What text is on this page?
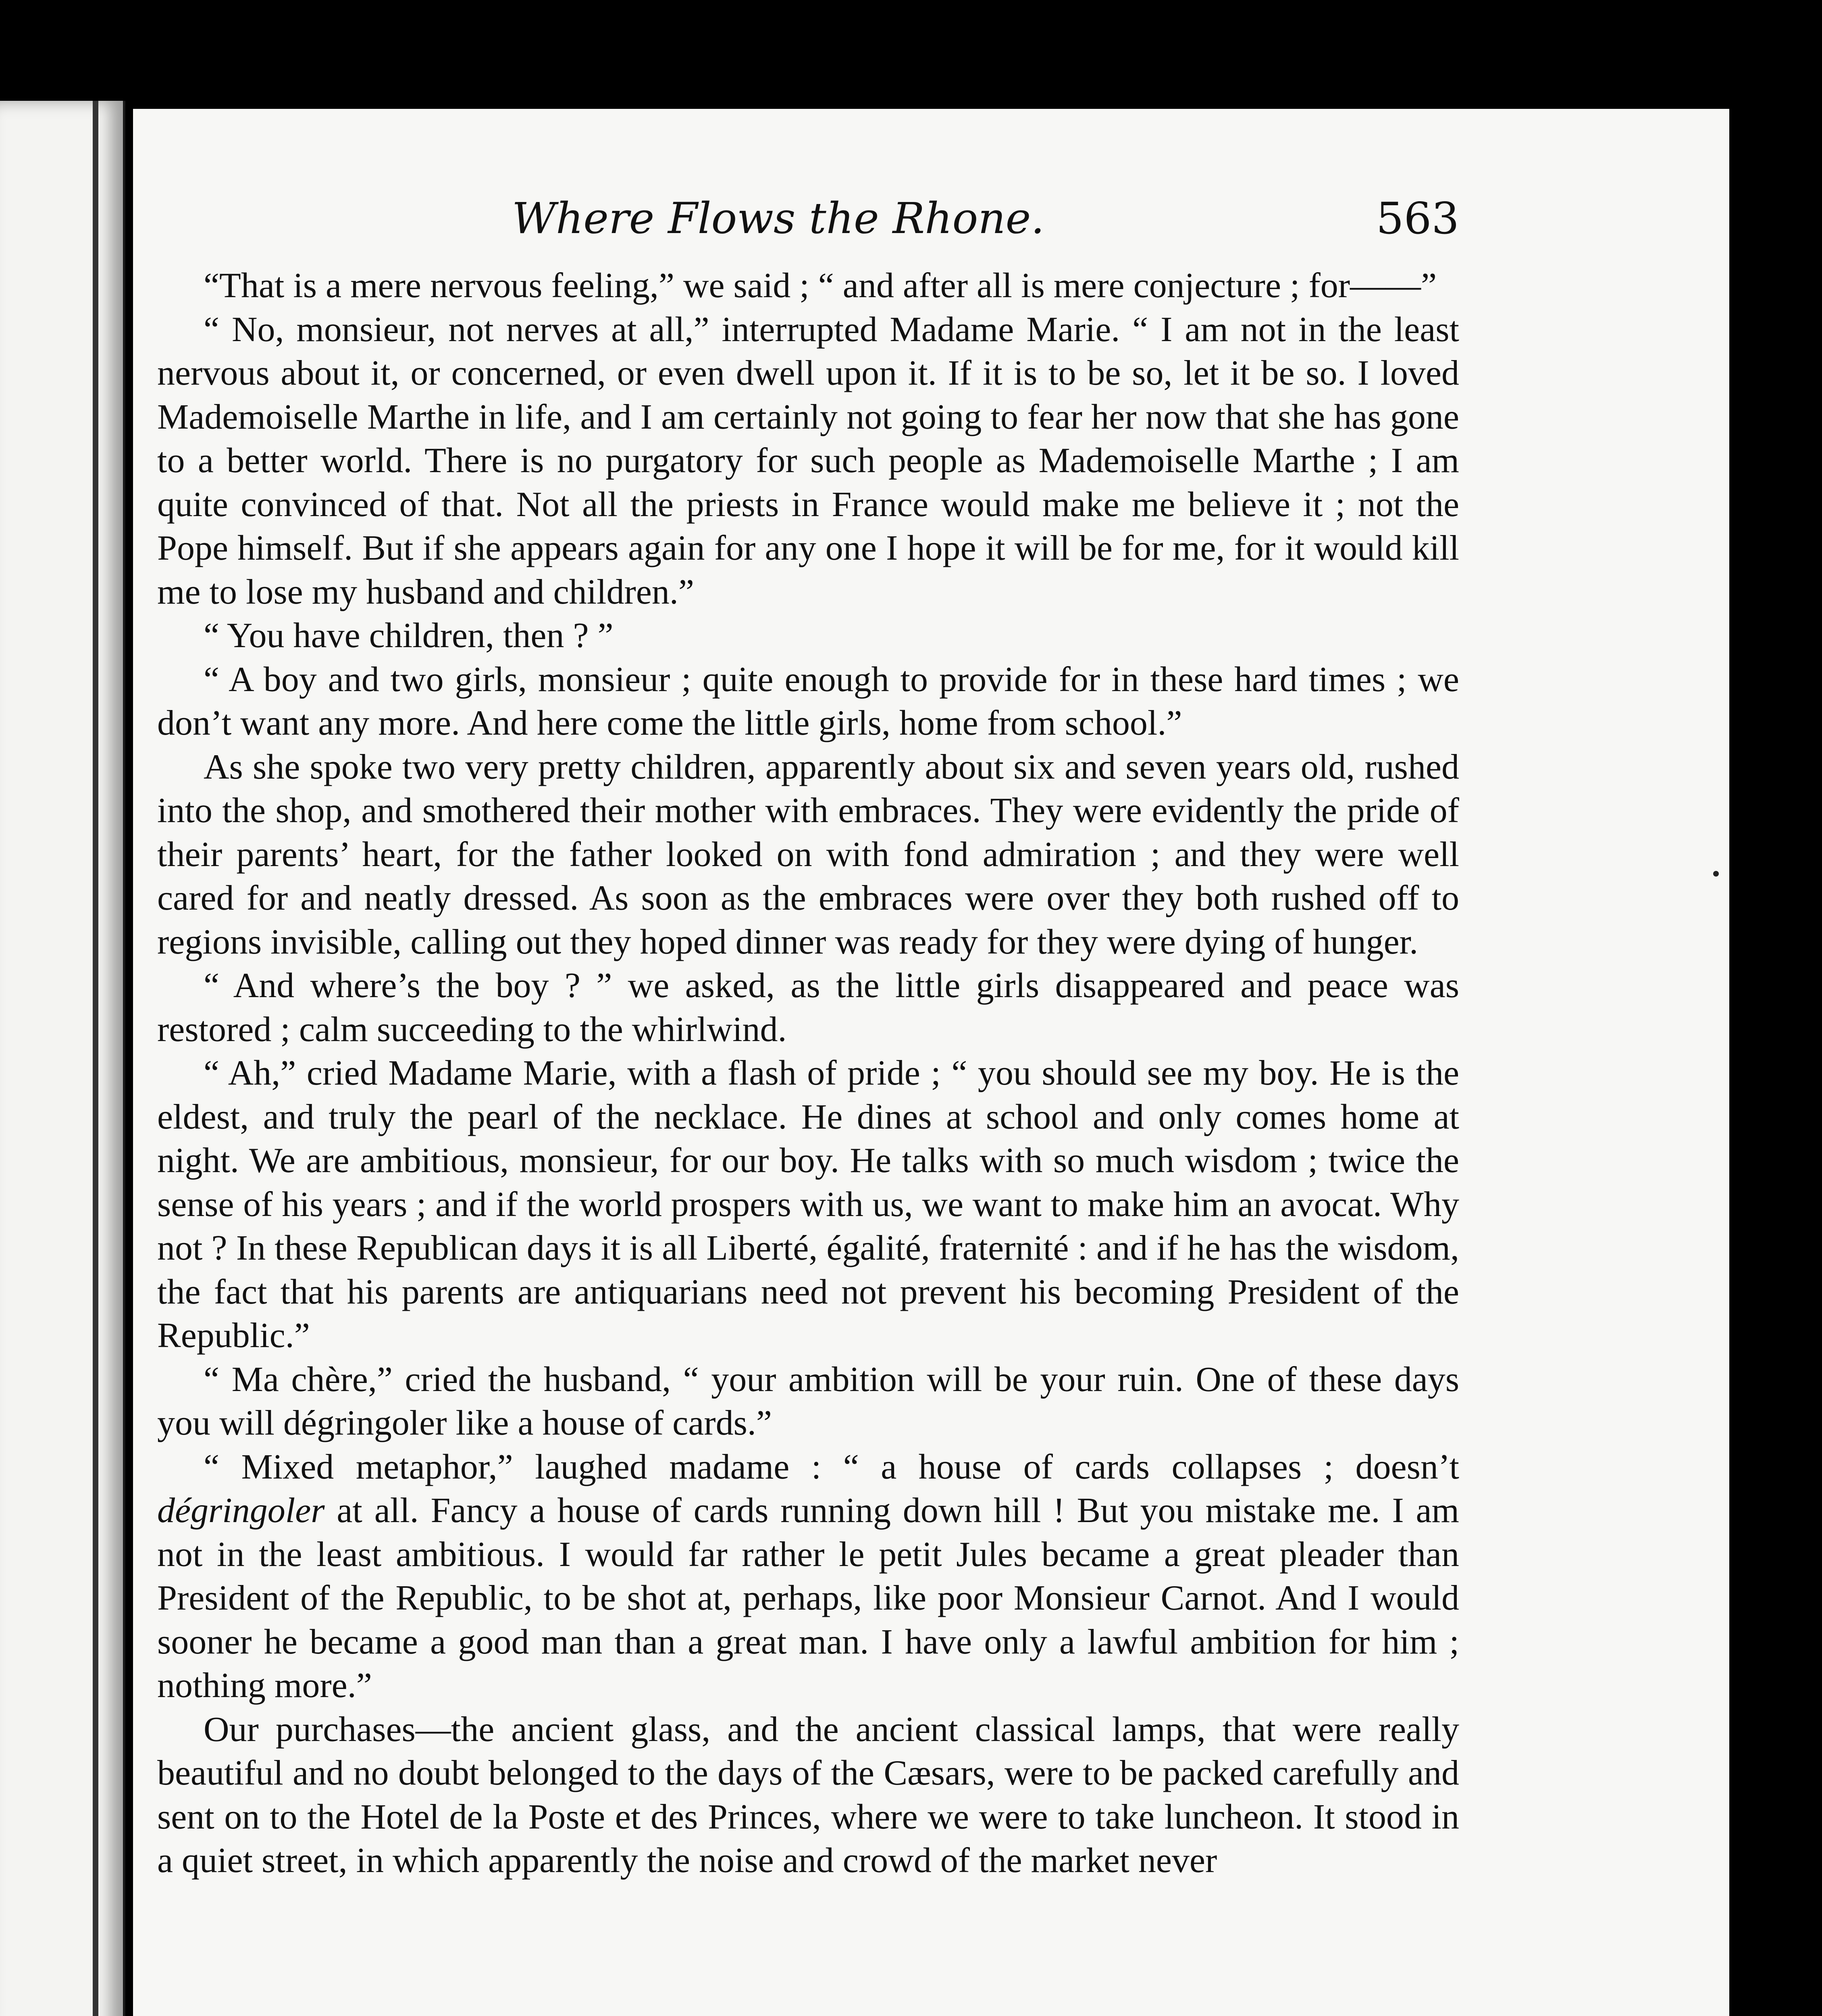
Where Flows the Rhone.	563

“That is a mere nervous feeling,” we said ; “ and after all is mere conjecture ; for——”

“ No, monsieur, not nerves at all,” interrupted Madame Marie. “ I am not in the least nervous about it, or concerned, or even dwell upon it. If it is to be so, let it be so. I loved Mademoiselle Marthe in life, and I am certainly not going to fear her now that she has gone to a better world. There is no purgatory for such people as Mademoiselle Marthe ; I am quite convinced of that. Not all the priests in France would make me believe it ; not the Pope himself. But if she appears again for any one I hope it will be for me, for it would kill me to lose my husband and children.”

“ You have children, then ? ”

“ A boy and two girls, monsieur ; quite enough to provide for in these hard times ; we don’t want any more. And here come the little girls, home from school.”

As she spoke two very pretty children, apparently about six and seven years old, rushed into the shop, and smothered their mother with embraces. They were evidently the pride of their parents’ heart, for the father looked on with fond admiration ; and they were well cared for and neatly dressed. As soon as the embraces were over they both rushed off to regions invisible, calling out they hoped dinner was ready for they were dying of hunger.

“ And where’s the boy ? ” we asked, as the little girls disappeared and peace was restored ; calm succeeding to the whirlwind.

“ Ah,” cried Madame Marie, with a flash of pride ; “ you should see my boy. He is the eldest, and truly the pearl of the necklace. He dines at school and only comes home at night. We are ambitious, monsieur, for our boy. He talks with so much wisdom ; twice the sense of his years ; and if the world prospers with us, we want to make him an avocat. Why not ? In these Republican days it is all Liberté, égalité, fraternité : and if he has the wisdom, the fact that his parents are antiquarians need not prevent his becoming President of the Republic.”

“ Ma chère,” cried the husband, “ your ambition will be your ruin. One of these days you will dégringoler like a house of cards.”

“ Mixed metaphor,” laughed madame : “ a house of cards collapses ; doesn’t dégringoler at all. Fancy a house of cards running down hill ! But you mistake me. I am not in the least ambitious. I would far rather le petit Jules became a great pleader than President of the Republic, to be shot at, perhaps, like poor Monsieur Carnot. And I would sooner he became a good man than a great man. I have only a lawful ambition for him ; nothing more.”

Our purchases—the ancient glass, and the ancient classical lamps, that were really beautiful and no doubt belonged to the days of the Cæsars, were to be packed carefully and sent on to the Hotel de la Poste et des Princes, where we were to take luncheon. It stood in a quiet street, in which apparently the noise and crowd of the market never
